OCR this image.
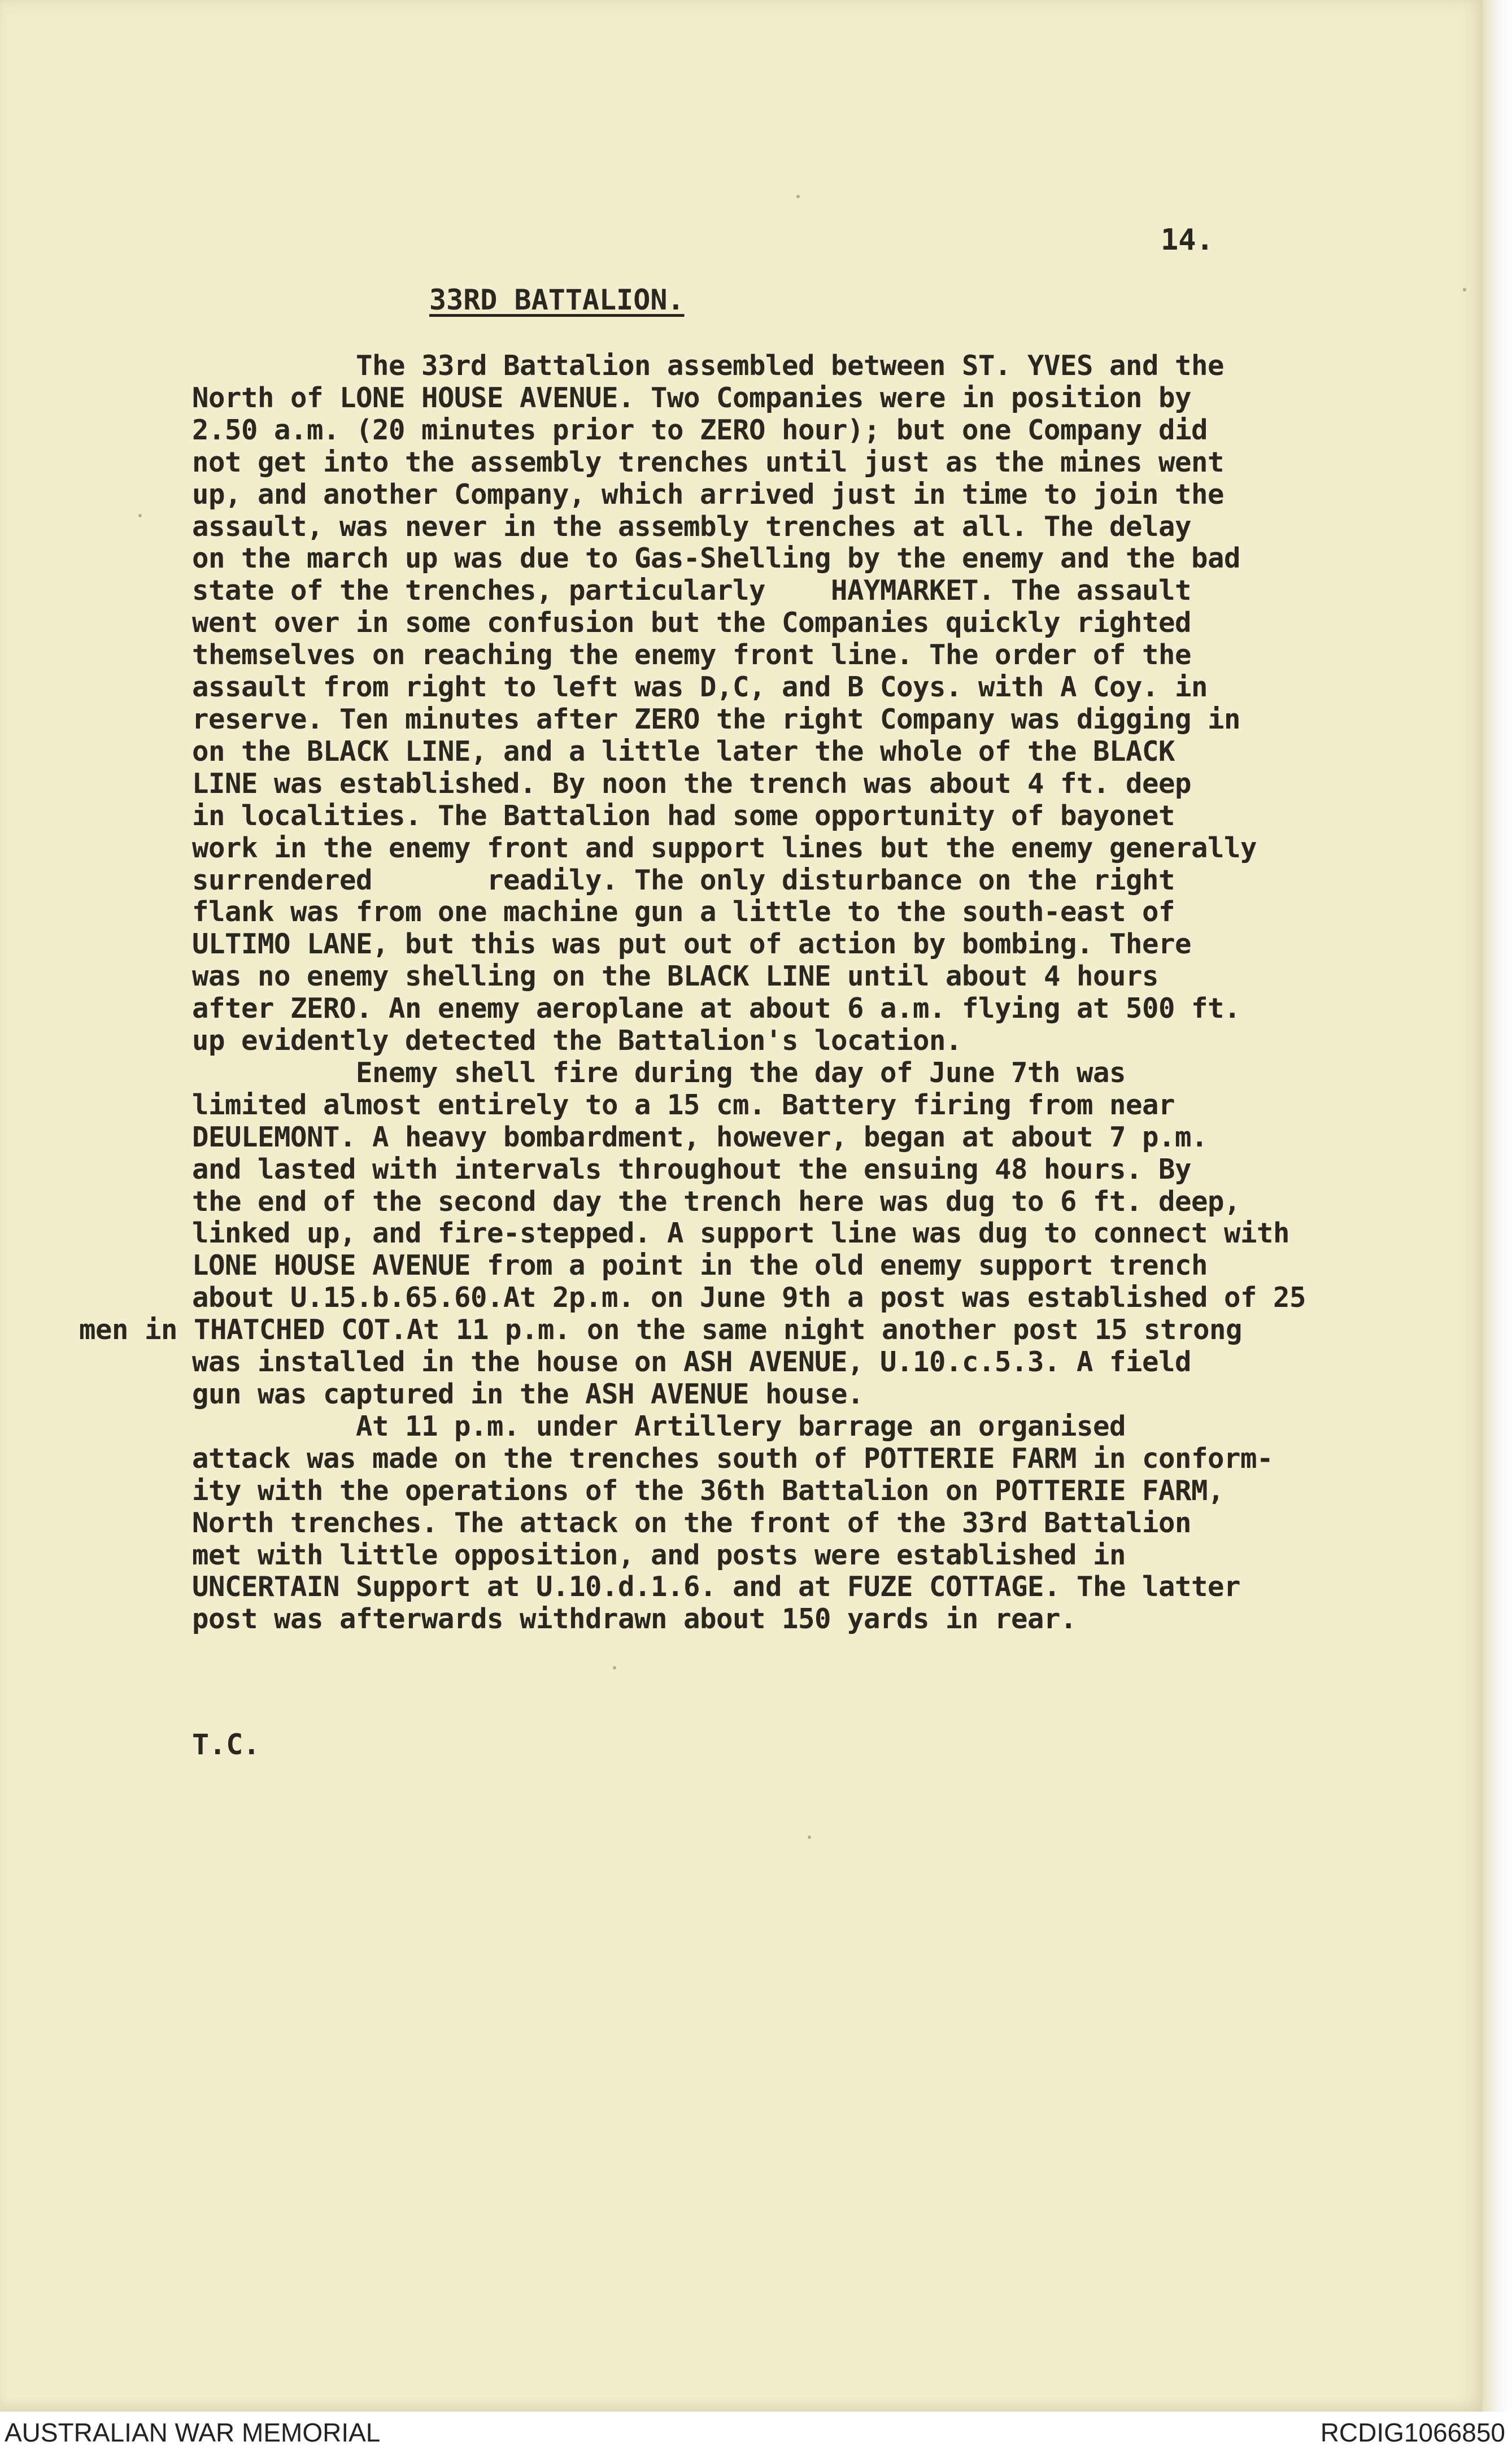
14.
33RD BATTALION.
The 33rd Battalion assembled between ST. YVES and the
North of LONE HOUSE AVENUE. Two Companies were in position by
2.50 a.m. (20 minutes prior to ZERO hour); but one Company did
not get into the assembly trenches until just as the mines went
up, and another Company, which arrived just in time to join the
assault, was never in the assembly trenches at all. The delay
on the march up was due to Gas-Shelling by the enemy and the bad
state of the trenches, particularly    HAYMARKET. The assault
went over in some confusion but the Companies quickly righted
themselves on reaching the enemy front line. The order of the
assault from right to left was D,C, and B Coys. with A Coy. in
reserve. Ten minutes after ZERO the right Company was digging in
on the BLACK LINE, and a little later the whole of the BLACK
LINE was established. By noon the trench was about 4 ft. deep
in localities. The Battalion had some opportunity of bayonet
work in the enemy front and support lines but the enemy generally
surrendered       readily. The only disturbance on the right
flank was from one machine gun a little to the south-east of
ULTIMO LANE, but this was put out of action by bombing. There
was no enemy shelling on the BLACK LINE until about 4 hours
after ZERO. An enemy aeroplane at about 6 a.m. flying at 500 ft.
up evidently detected the Battalion's location.
Enemy shell fire during the day of June 7th was
limited almost entirely to a 15 cm. Battery firing from near
DEULEMONT. A heavy bombardment, however, began at about 7 p.m.
and lasted with intervals throughout the ensuing 48 hours. By
the end of the second day the trench here was dug to 6 ft. deep,
linked up, and fire-stepped. A support line was dug to connect with
LONE HOUSE AVENUE from a point in the old enemy support trench
about U.15.b.65.60.At 2p.m. on June 9th a post was established of 25
men in THATCHED COT.At 11 p.m. on the same night another post 15 strong
was installed in the house on ASH AVENUE, U.10.c.5.3. A field
gun was captured in the ASH AVENUE house.
At 11 p.m. under Artillery barrage an organised
attack was made on the trenches south of POTTERIE FARM in conform-
ity with the operations of the 36th Battalion on POTTERIE FARM,
North trenches. The attack on the front of the 33rd Battalion
met with little opposition, and posts were established in
UNCERTAIN Support at U.10.d.1.6. and at FUZE COTTAGE. The latter
post was afterwards withdrawn about 150 yards in rear.
T.C.
AUSTRALIAN WAR MEMORIAL	RCDIG1066850
